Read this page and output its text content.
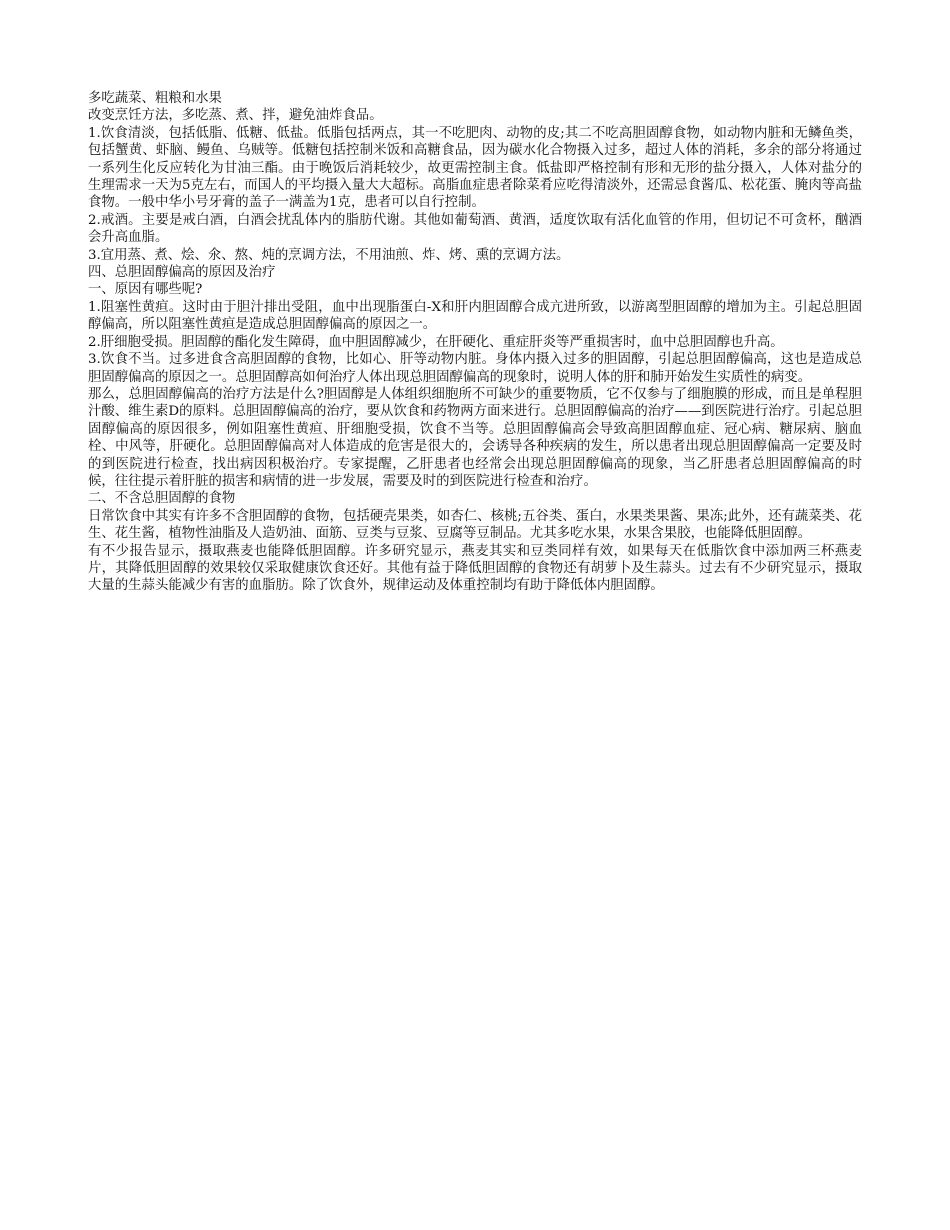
多吃蔬菜、粗粮和水果

改变烹饪方法，多吃蒸、煮、拌，避免油炸食品。

1.饮食清淡，包括低脂、低糖、低盐。低脂包括两点，其一不吃肥肉、动物的皮;其二不吃高胆固醇食物，如动物内脏和无鳞鱼类，包括蟹黄、虾脑、鳗鱼、乌贼等。低糖包括控制米饭和高糖食品，因为碳水化合物摄入过多，超过人体的消耗，多余的部分将通过一系列生化反应转化为甘油三酯。由于晚饭后消耗较少，故更需控制主食。低盐即严格控制有形和无形的盐分摄入，人体对盐分的生理需求一天为5克左右，而国人的平均摄入量大大超标。高脂血症患者除菜肴应吃得清淡外，还需忌食酱瓜、松花蛋、腌肉等高盐食物。一般中华小号牙膏的盖子一满盖为1克，患者可以自行控制。

2.戒酒。主要是戒白酒，白酒会扰乱体内的脂肪代谢。其他如葡萄酒、黄酒，适度饮取有活化血管的作用，但切记不可贪杯，酗酒会升高血脂。

3.宜用蒸、煮、烩、氽、熬、炖的烹调方法，不用油煎、炸、烤、熏的烹调方法。

四、总胆固醇偏高的原因及治疗

一、原因有哪些呢?

1.阻塞性黄疸。这时由于胆汁排出受阻，血中出现脂蛋白-X和肝内胆固醇合成亢进所致，以游离型胆固醇的增加为主。引起总胆固醇偏高，所以阻塞性黄疸是造成总胆固醇偏高的原因之一。

2.肝细胞受损。胆固醇的酯化发生障碍，血中胆固醇减少，在肝硬化、重症肝炎等严重损害时，血中总胆固醇也升高。

3.饮食不当。过多进食含高胆固醇的食物，比如心、肝等动物内脏。身体内摄入过多的胆固醇，引起总胆固醇偏高，这也是造成总胆固醇偏高的原因之一。总胆固醇高如何治疗人体出现总胆固醇偏高的现象时，说明人体的肝和肺开始发生实质性的病变。

那么，总胆固醇偏高的治疗方法是什么?胆固醇是人体组织细胞所不可缺少的重要物质，它不仅参与了细胞膜的形成，而且是单程胆汁酸、维生素D的原料。总胆固醇偏高的治疗，要从饮食和药物两方面来进行。总胆固醇偏高的治疗——到医院进行治疗。引起总胆固醇偏高的原因很多，例如阻塞性黄疸、肝细胞受损，饮食不当等。总胆固醇偏高会导致高胆固醇血症、冠心病、糖尿病、脑血栓、中风等，肝硬化。总胆固醇偏高对人体造成的危害是很大的，会诱导各种疾病的发生，所以患者出现总胆固醇偏高一定要及时的到医院进行检查，找出病因积极治疗。专家提醒，乙肝患者也经常会出现总胆固醇偏高的现象，当乙肝患者总胆固醇偏高的时候，往往提示着肝脏的损害和病情的进一步发展，需要及时的到医院进行检查和治疗。

二、不含总胆固醇的食物

日常饮食中其实有许多不含胆固醇的食物，包括硬壳果类，如杏仁、核桃;五谷类、蛋白，水果类果酱、果冻;此外，还有蔬菜类、花生、花生酱，植物性油脂及人造奶油、面筋、豆类与豆浆、豆腐等豆制品。尤其多吃水果，水果含果胶，也能降低胆固醇。

有不少报告显示，摄取燕麦也能降低胆固醇。许多研究显示，燕麦其实和豆类同样有效，如果每天在低脂饮食中添加两三杯燕麦片，其降低胆固醇的效果较仅采取健康饮食还好。其他有益于降低胆固醇的食物还有胡萝卜及生蒜头。过去有不少研究显示，摄取大量的生蒜头能减少有害的血脂肪。除了饮食外，规律运动及体重控制均有助于降低体内胆固醇。
